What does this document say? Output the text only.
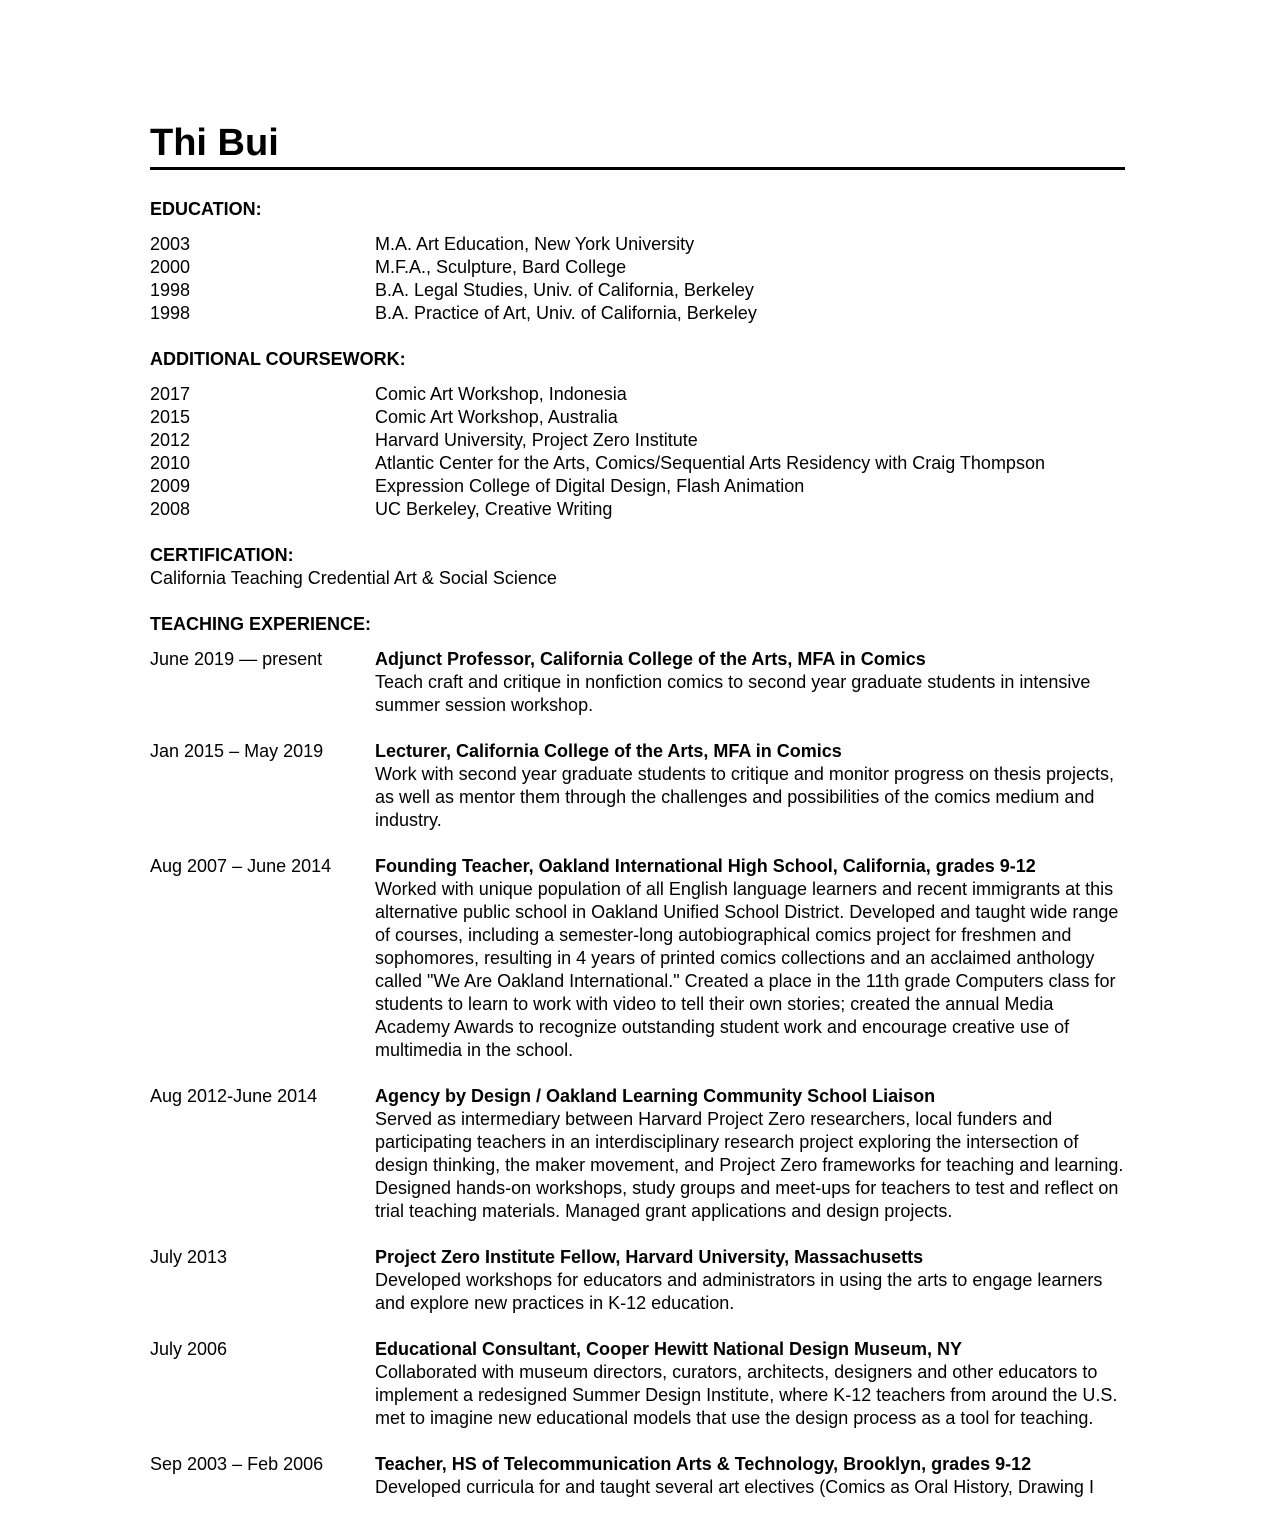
Thi Bui
EDUCATION:
2003	M.A. Art Education, New York University
2000	M.F.A., Sculpture, Bard College
1998	B.A. Legal Studies, Univ. of California, Berkeley
1998	B.A. Practice of Art, Univ. of California, Berkeley
ADDITIONAL COURSEWORK:
2017	Comic Art Workshop, Indonesia
2015	Comic Art Workshop, Australia
2012	Harvard University, Project Zero Institute
2010	Atlantic Center for the Arts, Comics/Sequential Arts Residency with Craig Thompson
2009	Expression College of Digital Design, Flash Animation
2008	UC Berkeley, Creative Writing
CERTIFICATION:
California Teaching Credential Art & Social Science
TEACHING EXPERIENCE:
June 2019 — present	Adjunct Professor, California College of the Arts, MFA in Comics
Teach craft and critique in nonfiction comics to second year graduate students in intensive summer session workshop.
Jan 2015 – May 2019	Lecturer, California College of the Arts, MFA in Comics
Work with second year graduate students to critique and monitor progress on thesis projects, as well as mentor them through the challenges and possibilities of the comics medium and industry.
Aug 2007 – June 2014	Founding Teacher, Oakland International High School, California, grades 9-12
Worked with unique population of all English language learners and recent immigrants at this alternative public school in Oakland Unified School District. Developed and taught wide range of courses, including a semester-long autobiographical comics project for freshmen and sophomores, resulting in 4 years of printed comics collections and an acclaimed anthology called "We Are Oakland International." Created a place in the 11th grade Computers class for students to learn to work with video to tell their own stories; created the annual Media Academy Awards to recognize outstanding student work and encourage creative use of multimedia in the school.
Aug 2012-June 2014	Agency by Design / Oakland Learning Community School Liaison
Served as intermediary between Harvard Project Zero researchers, local funders and participating teachers in an interdisciplinary research project exploring the intersection of design thinking, the maker movement, and Project Zero frameworks for teaching and learning. Designed hands-on workshops, study groups and meet-ups for teachers to test and reflect on trial teaching materials. Managed grant applications and design projects.
July 2013	Project Zero Institute Fellow, Harvard University, Massachusetts
Developed workshops for educators and administrators in using the arts to engage learners and explore new practices in K-12 education.
July 2006	Educational Consultant, Cooper Hewitt National Design Museum, NY
Collaborated with museum directors, curators, architects, designers and other educators to implement a redesigned Summer Design Institute, where K-12 teachers from around the U.S. met to imagine new educational models that use the design process as a tool for teaching.
Sep 2003 – Feb 2006	Teacher, HS of Telecommunication Arts & Technology, Brooklyn, grades 9-12
Developed curricula for and taught several art electives (Comics as Oral History, Drawing I
